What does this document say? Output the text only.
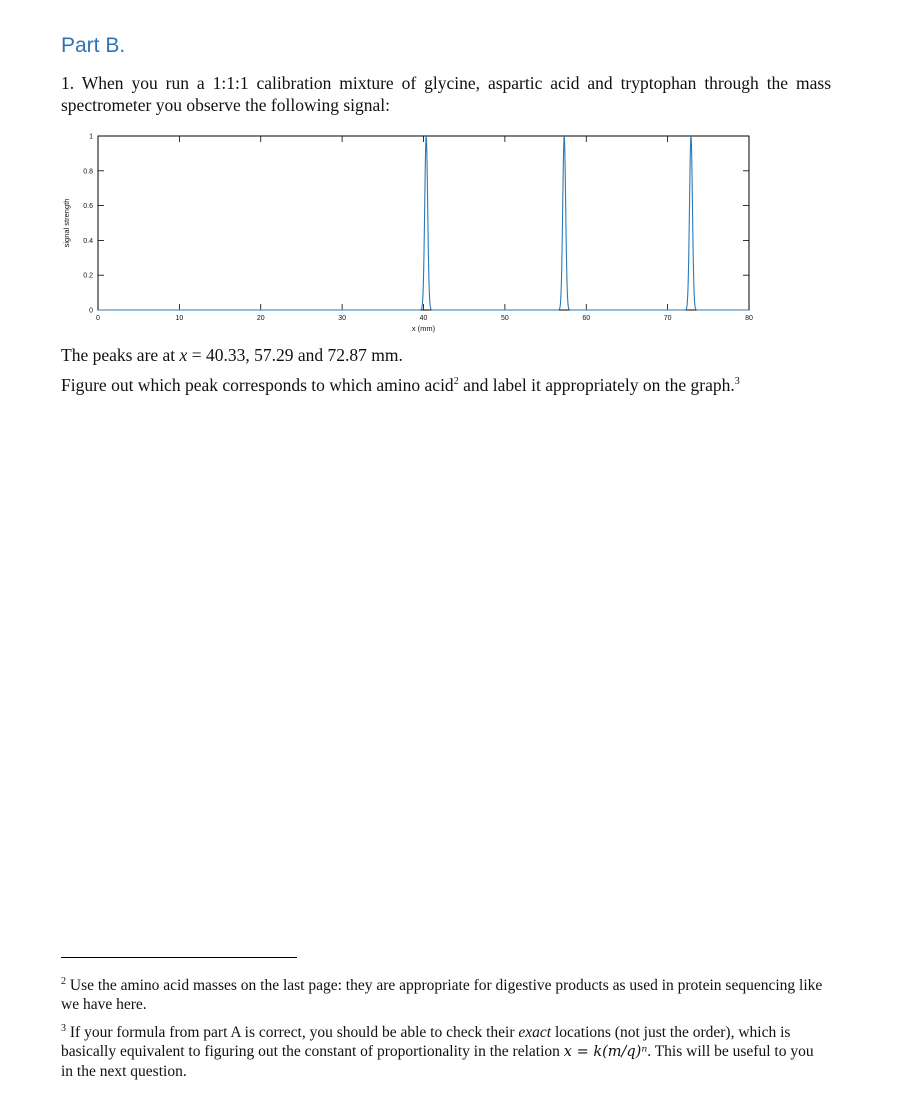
Part B.
1. When you run a 1:1:1 calibration mixture of glycine, aspartic acid and tryptophan through the mass spectrometer you observe the following signal:
0	10	20	30	40	50	60	70	80
0
0.2
0.4
0.6
0.8
1
x (mm)
signal strength
The peaks are at x = 40.33, 57.29 and 72.87 mm.
Figure out which peak corresponds to which amino acid$^2$ and label it appropriately on the graph.$^3$
$^2$ Use the amino acid masses on the last page: they are appropriate for digestive products as used in protein sequencing like we have here.
$^3$ If your formula from part A is correct, you should be able to check their exact locations (not just the order), which is basically equivalent to figuring out the constant of proportionality in the relation x = k(m/q)ⁿ. This will be useful to you in the next question.
